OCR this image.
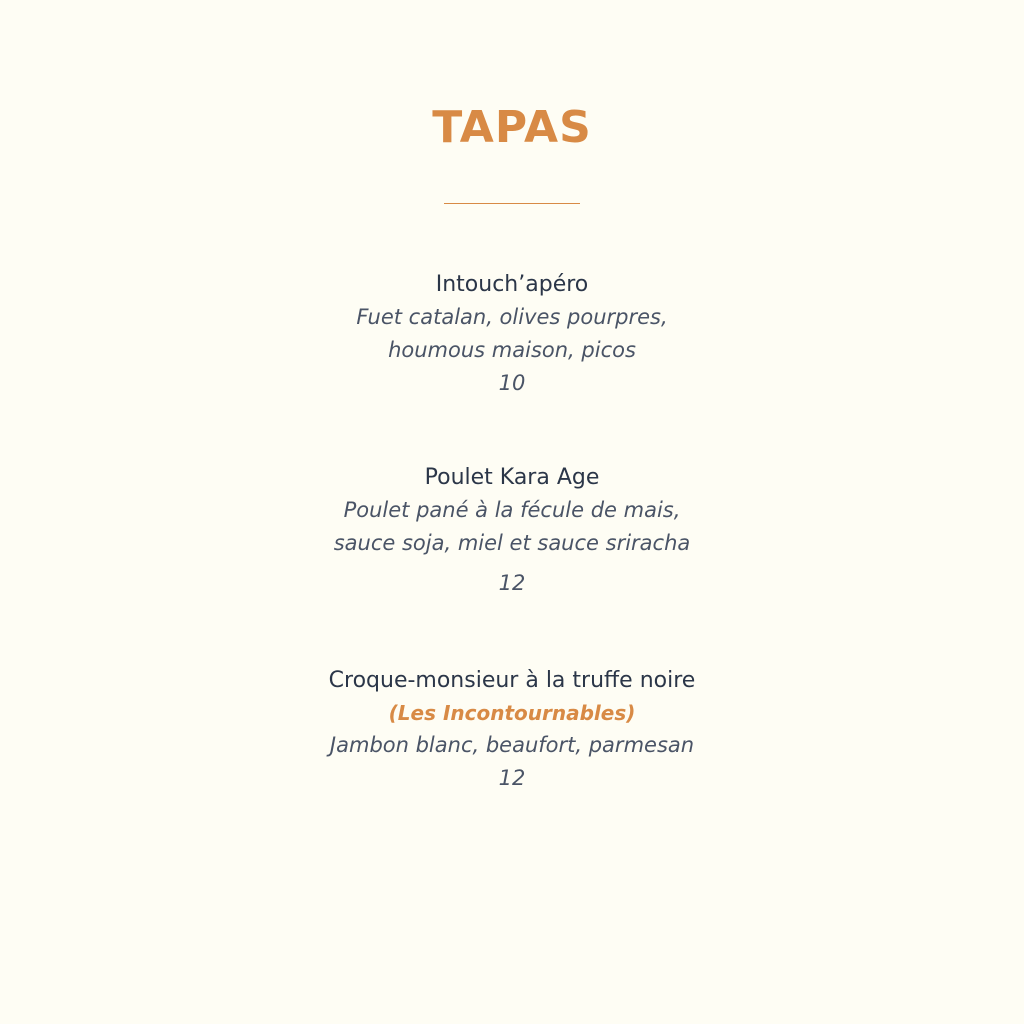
TAPAS
Intouch’apéro
Fuet catalan, olives pourpres,
houmous maison, picos
10
Poulet Kara Age
Poulet pané à la fécule de mais,
sauce soja, miel et sauce sriracha
12
Croque-monsieur à la truffe noire
(Les Incontournables)
Jambon blanc, beaufort, parmesan
12
